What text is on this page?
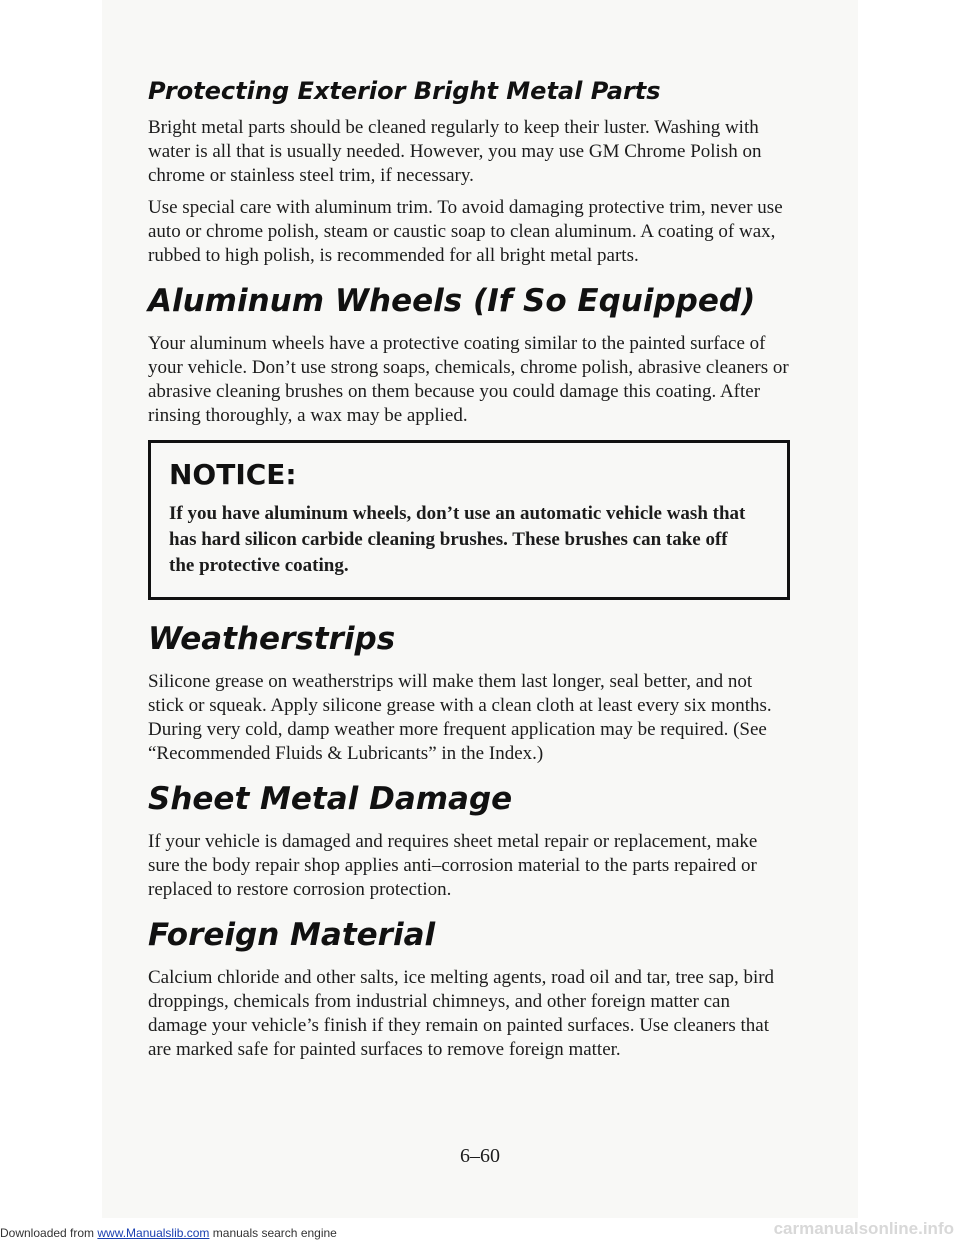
Protecting Exterior Bright Metal Parts

Bright metal parts should be cleaned regularly to keep their luster. Washing with water is all that is usually needed. However, you may use GM Chrome Polish on chrome or stainless steel trim, if necessary.

Use special care with aluminum trim. To avoid damaging protective trim, never use auto or chrome polish, steam or caustic soap to clean aluminum. A coating of wax, rubbed to high polish, is recommended for all bright metal parts.

Aluminum Wheels (If So Equipped)

Your aluminum wheels have a protective coating similar to the painted surface of your vehicle. Don’t use strong soaps, chemicals, chrome polish, abrasive cleaners or abrasive cleaning brushes on them because you could damage this coating. After rinsing thoroughly, a wax may be applied.

NOTICE:

If you have aluminum wheels, don’t use an automatic vehicle wash that has hard silicon carbide cleaning brushes. These brushes can take off the protective coating.

Weatherstrips

Silicone grease on weatherstrips will make them last longer, seal better, and not stick or squeak. Apply silicone grease with a clean cloth at least every six months. During very cold, damp weather more frequent application may be required. (See “Recommended Fluids & Lubricants” in the Index.)

Sheet Metal Damage

If your vehicle is damaged and requires sheet metal repair or replacement, make sure the body repair shop applies anti–corrosion material to the parts repaired or replaced to restore corrosion protection.

Foreign Material

Calcium chloride and other salts, ice melting agents, road oil and tar, tree sap, bird droppings, chemicals from industrial chimneys, and other foreign matter can damage your vehicle’s finish if they remain on painted surfaces. Use cleaners that are marked safe for painted surfaces to remove foreign matter.

6–60
Downloaded from www.Manualslib.com manuals search engine	carmanualsonline.info
